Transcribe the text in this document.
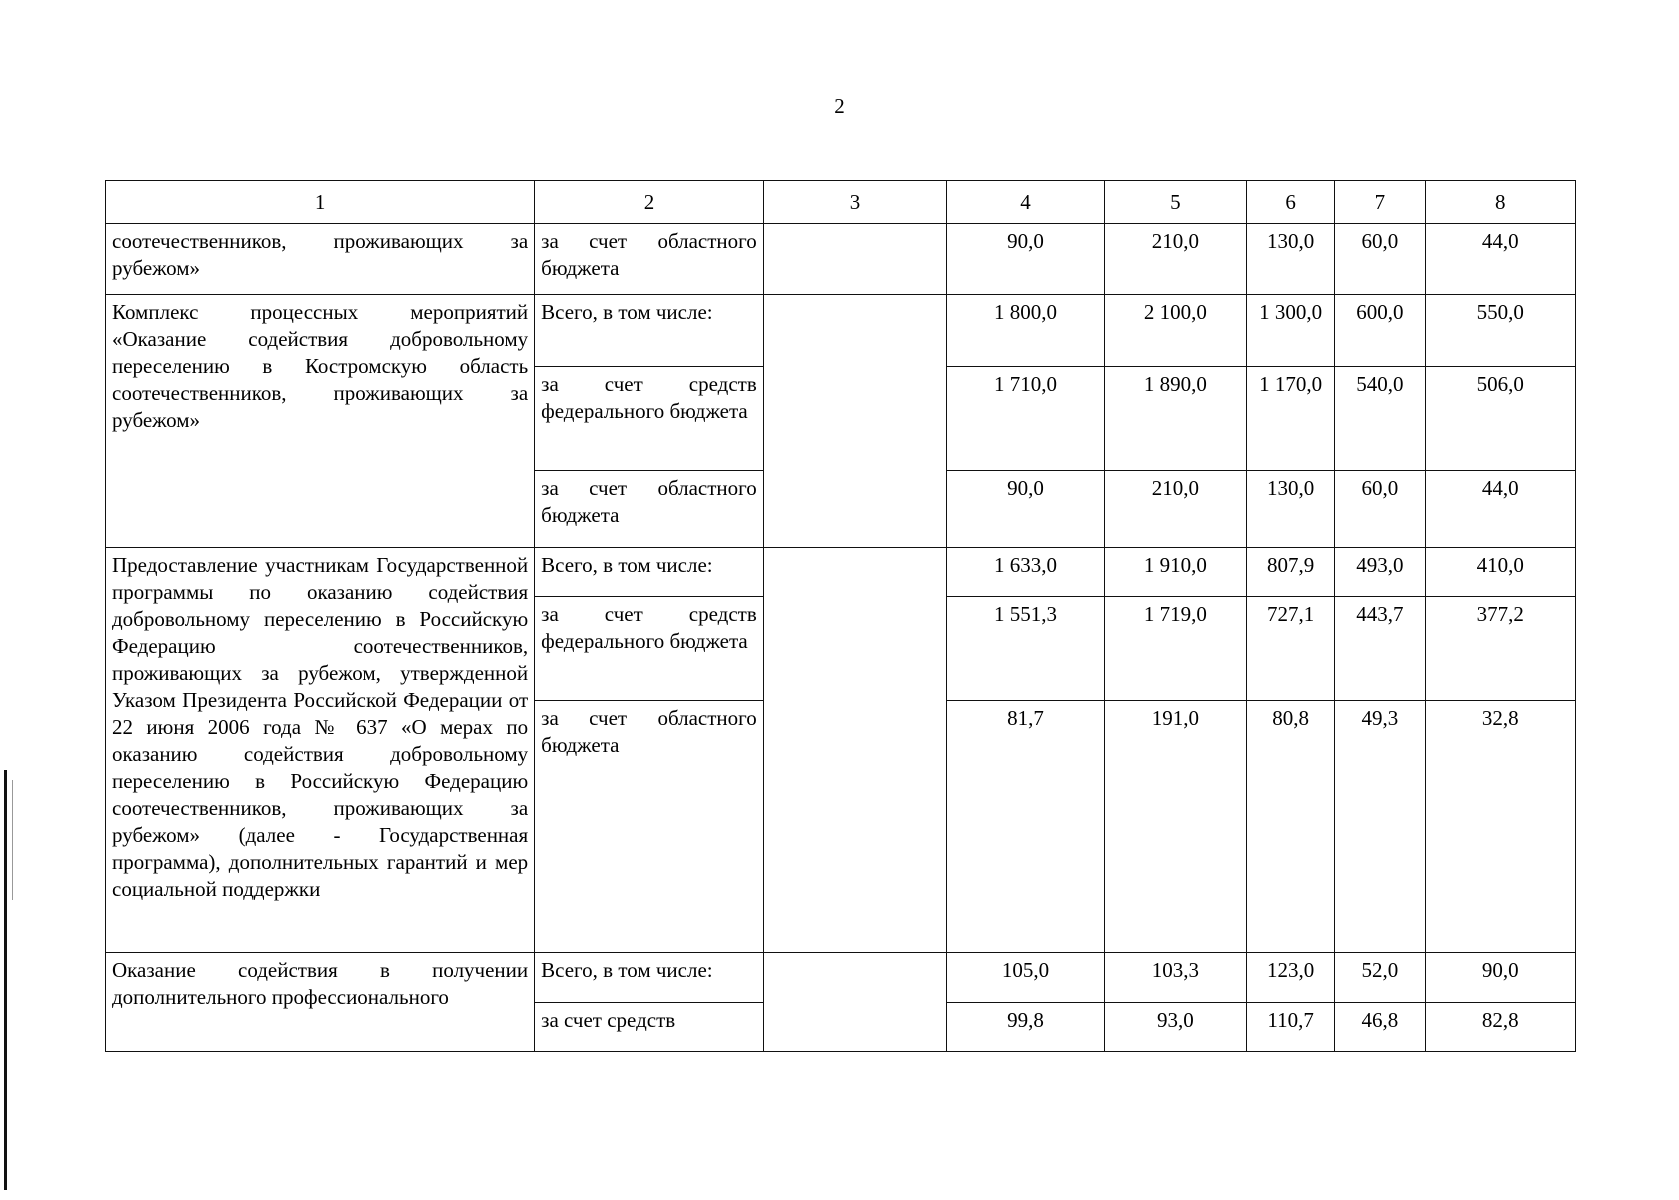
2
1	2	3	4	5	6	7	8
соотечественников, проживающих за рубежом»	за счет областного бюджета		90,0	210,0	130,0	60,0	44,0
Комплекс процессных мероприятий «Оказание содействия добровольному переселению в Костромскую область соотечественников, проживающих за рубежом»	Всего, в том числе:		1 800,0	2 100,0	1 300,0	600,0	550,0
	за счет средств федерального бюджета		1 710,0	1 890,0	1 170,0	540,0	506,0
	за счет областного бюджета		90,0	210,0	130,0	60,0	44,0
Предоставление участникам Государственной программы по оказанию содействия добровольному переселению в Российскую Федерацию соотечественников, проживающих за рубежом, утвержденной Указом Президента Российской Федерации от 22 июня 2006 года № 637 «О мерах по оказанию содействия добровольному переселению в Российскую Федерацию соотечественников, проживающих за рубежом» (далее - Государственная программа), дополнительных гарантий и мер социальной поддержки	Всего, в том числе:		1 633,0	1 910,0	807,9	493,0	410,0
	за счет средств федерального бюджета		1 551,3	1 719,0	727,1	443,7	377,2
	за счет областного бюджета		81,7	191,0	80,8	49,3	32,8
Оказание содействия в получении дополнительного профессионального	Всего, в том числе:		105,0	103,3	123,0	52,0	90,0
	за счет средств		99,8	93,0	110,7	46,8	82,8
